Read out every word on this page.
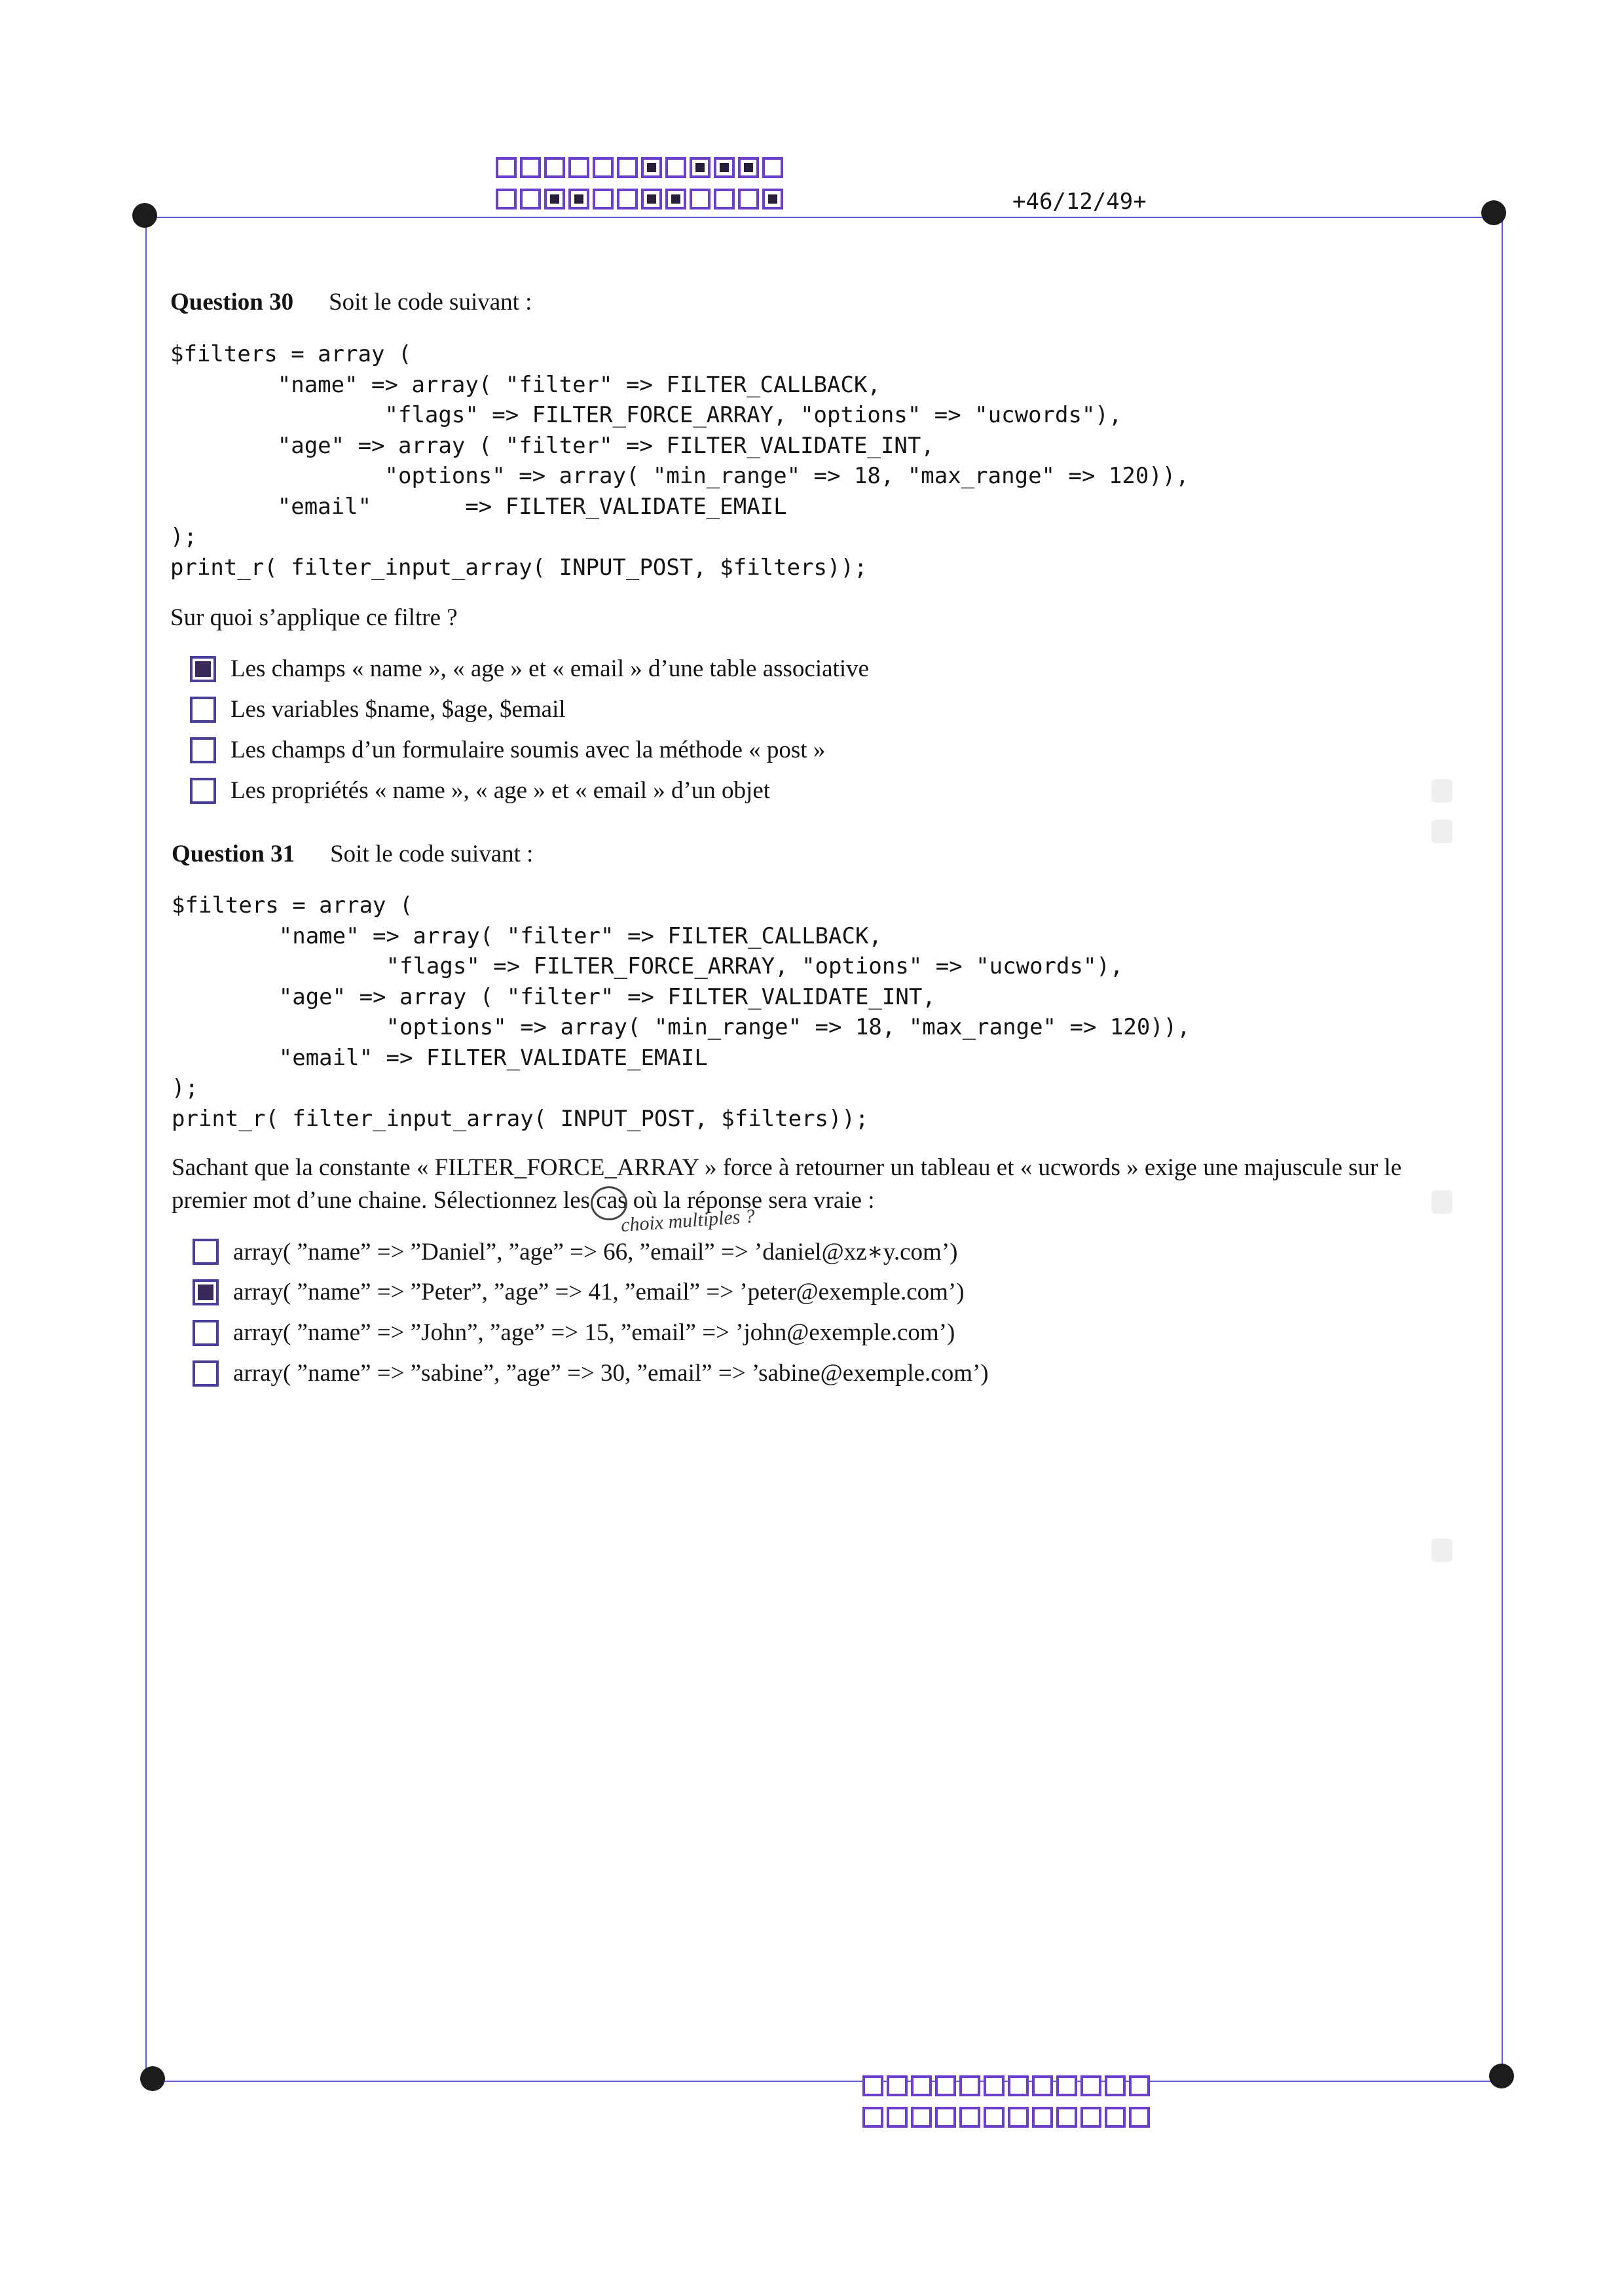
+46/12/49+
Question 30 Soit le code suivant :
$filters = array (
"name" => array( "filter" => FILTER_CALLBACK,
"flags" => FILTER_FORCE_ARRAY, "options" => "ucwords"),
"age" => array ( "filter" => FILTER_VALIDATE_INT,
"options" => array( "min_range" => 18, "max_range" => 120)),
"email"       => FILTER_VALIDATE_EMAIL
);
print_r( filter_input_array( INPUT_POST, $filters));
Sur quoi s’applique ce filtre ?
Les champs « name », « age » et « email » d’une table associative
Les variables $name, $age, $email
Les champs d’un formulaire soumis avec la méthode « post »
Les propriétés « name », « age » et « email » d’un objet
Question 31 Soit le code suivant :
$filters = array (
"name" => array( "filter" => FILTER_CALLBACK,
"flags" => FILTER_FORCE_ARRAY, "options" => "ucwords"),
"age" => array ( "filter" => FILTER_VALIDATE_INT,
"options" => array( "min_range" => 18, "max_range" => 120)),
"email" => FILTER_VALIDATE_EMAIL
);
print_r( filter_input_array( INPUT_POST, $filters));
Sachant que la constante « FILTER_FORCE_ARRAY » force à retourner un tableau et « ucwords » exige une majuscule sur le
premier mot d’une chaine. Sélectionnez les cas où la réponse sera vraie :
choix multiples ?
array( ”name” => ”Daniel”, ”age” => 66, ”email” => ’daniel@xz∗y.com’)
array( ”name” => ”Peter”, ”age” => 41, ”email” => ’peter@exemple.com’)
array( ”name” => ”John”, ”age” => 15, ”email” => ’john@exemple.com’)
array( ”name” => ”sabine”, ”age” => 30, ”email” => ’sabine@exemple.com’)
